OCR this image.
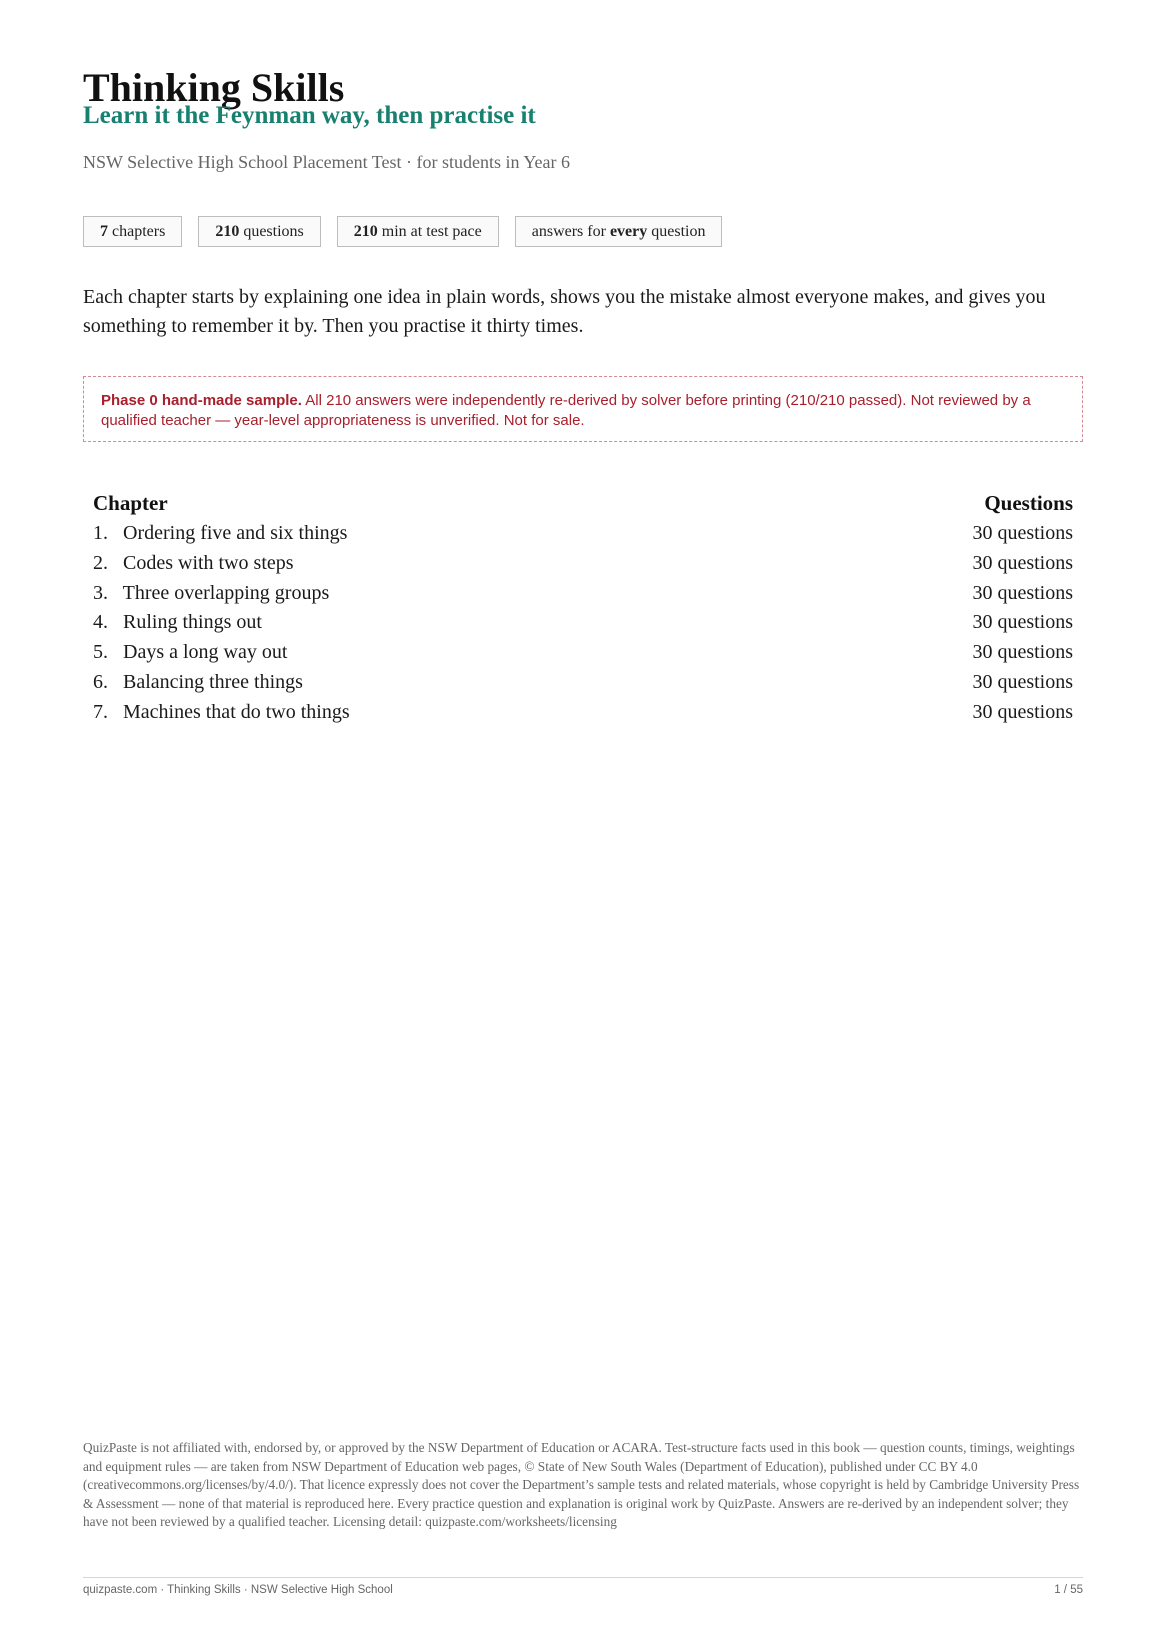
Thinking Skills
Learn it the Feynman way, then practise it

NSW Selective High School Placement Test · for students in Year 6

7 chapters	210 questions	210 min at test pace	answers for every question

Each chapter starts by explaining one idea in plain words, shows you the mistake almost everyone makes, and gives you something to remember it by. Then you practise it thirty times.

Phase 0 hand-made sample. All 210 answers were independently re-derived by solver before printing (210/210 passed). Not reviewed by a qualified teacher — year-level appropriateness is unverified. Not for sale.
Chapter	Questions
1. Ordering five and six things	30 questions
2. Codes with two steps	30 questions
3. Three overlapping groups	30 questions
4. Ruling things out	30 questions
5. Days a long way out	30 questions
6. Balancing three things	30 questions
7. Machines that do two things	30 questions

QuizPaste is not affiliated with, endorsed by, or approved by the NSW Department of Education or ACARA. Test-structure facts used in this book — question counts, timings, weightings and equipment rules — are taken from NSW Department of Education web pages, © State of New South Wales (Department of Education), published under CC BY 4.0 (creativecommons.org/licenses/by/4.0/). That licence expressly does not cover the Department’s sample tests and related materials, whose copyright is held by Cambridge University Press & Assessment — none of that material is reproduced here. Every practice question and explanation is original work by QuizPaste. Answers are re-derived by an independent solver; they have not been reviewed by a qualified teacher. Licensing detail: quizpaste.com/worksheets/licensing

quizpaste.com · Thinking Skills · NSW Selective High School	1 / 55
